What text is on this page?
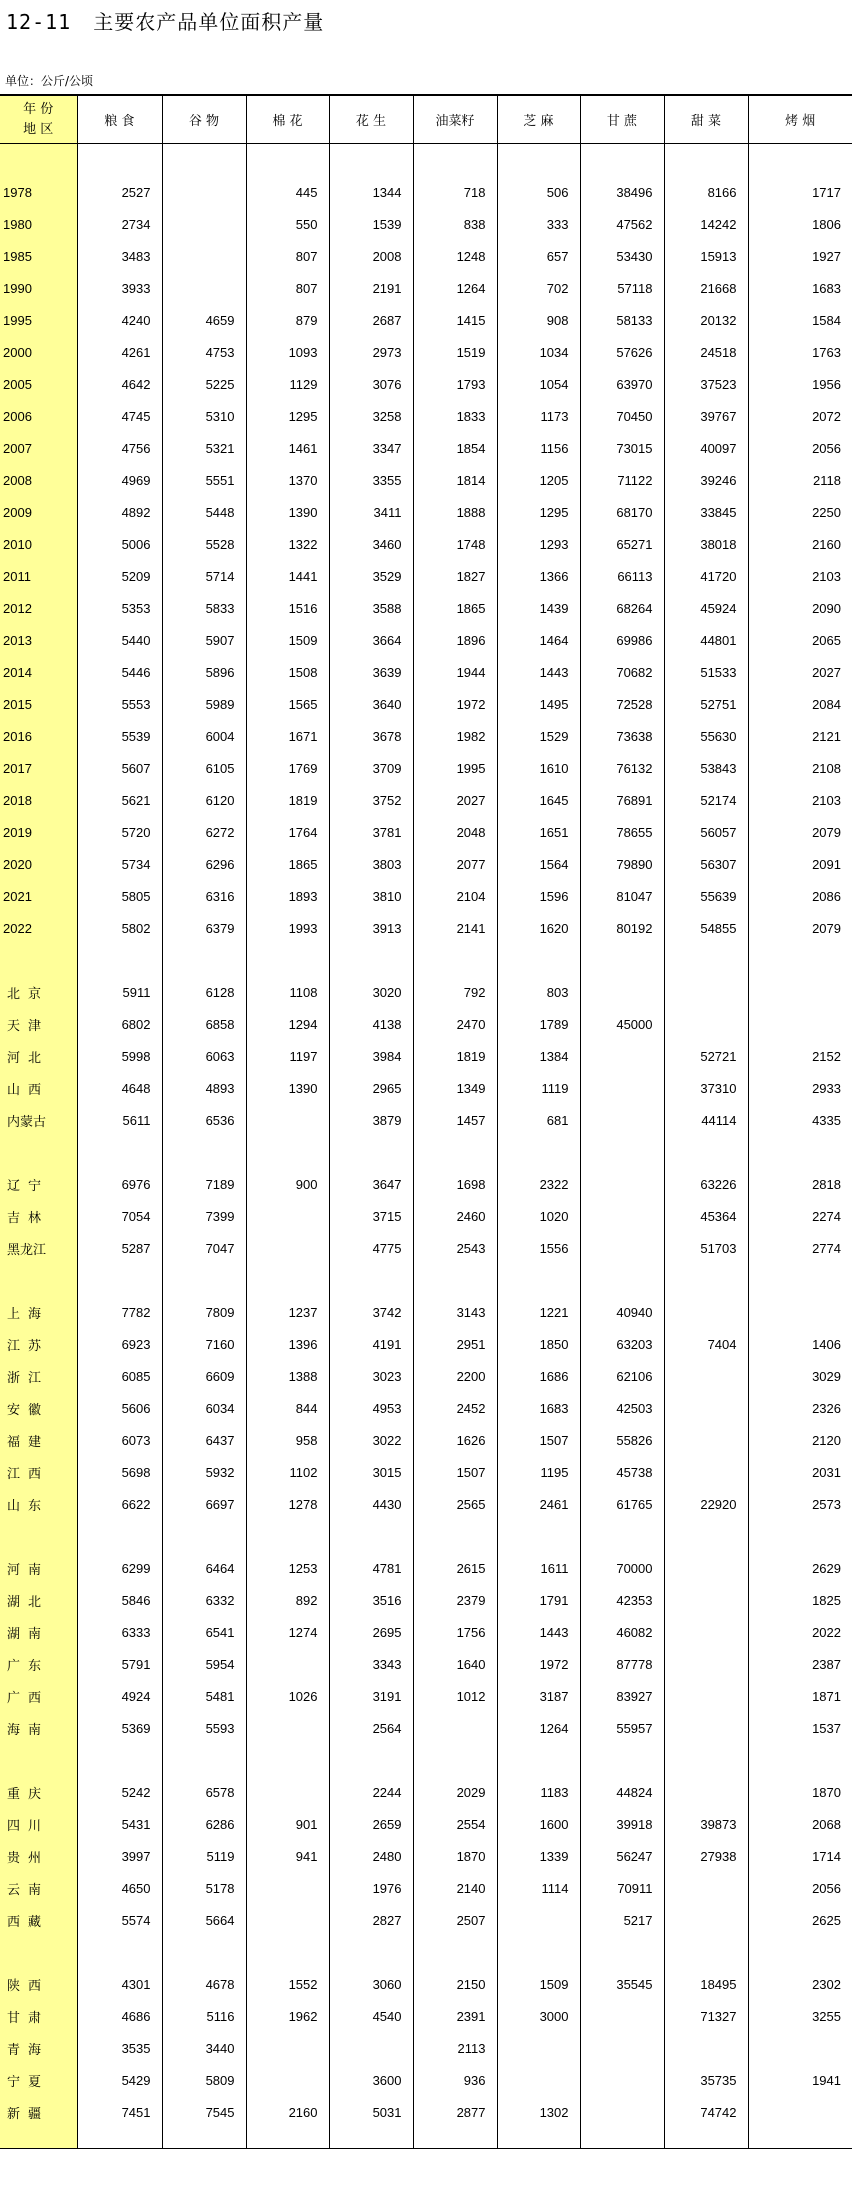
12-11 主要农产品单位面积产量
单位：公斤/公顷
年 份
地 区	粮 食	谷 物	棉 花	花 生	油菜籽	芝 麻	甘 蔗	甜 菜	烤 烟

1978	2527		445	1344	718	506	38496	8166	1717
1980	2734		550	1539	838	333	47562	14242	1806
1985	3483		807	2008	1248	657	53430	15913	1927
1990	3933		807	2191	1264	702	57118	21668	1683
1995	4240	4659	879	2687	1415	908	58133	20132	1584
2000	4261	4753	1093	2973	1519	1034	57626	24518	1763
2005	4642	5225	1129	3076	1793	1054	63970	37523	1956
2006	4745	5310	1295	3258	1833	1173	70450	39767	2072
2007	4756	5321	1461	3347	1854	1156	73015	40097	2056
2008	4969	5551	1370	3355	1814	1205	71122	39246	2118
2009	4892	5448	1390	3411	1888	1295	68170	33845	2250
2010	5006	5528	1322	3460	1748	1293	65271	38018	2160
2011	5209	5714	1441	3529	1827	1366	66113	41720	2103
2012	5353	5833	1516	3588	1865	1439	68264	45924	2090
2013	5440	5907	1509	3664	1896	1464	69986	44801	2065
2014	5446	5896	1508	3639	1944	1443	70682	51533	2027
2015	5553	5989	1565	3640	1972	1495	72528	52751	2084
2016	5539	6004	1671	3678	1982	1529	73638	55630	2121
2017	5607	6105	1769	3709	1995	1610	76132	53843	2108
2018	5621	6120	1819	3752	2027	1645	76891	52174	2103
2019	5720	6272	1764	3781	2048	1651	78655	56057	2079
2020	5734	6296	1865	3803	2077	1564	79890	56307	2091
2021	5805	6316	1893	3810	2104	1596	81047	55639	2086
2022	5802	6379	1993	3913	2141	1620	80192	54855	2079

北京	5911	6128	1108	3020	792	803			
天津	6802	6858	1294	4138	2470	1789	45000		
河北	5998	6063	1197	3984	1819	1384		52721	2152
山西	4648	4893	1390	2965	1349	1119		37310	2933
内蒙古	5611	6536		3879	1457	681		44114	4335

辽宁	6976	7189	900	3647	1698	2322		63226	2818
吉林	7054	7399		3715	2460	1020		45364	2274
黑龙江	5287	7047		4775	2543	1556		51703	2774

上海	7782	7809	1237	3742	3143	1221	40940		
江苏	6923	7160	1396	4191	2951	1850	63203	7404	1406
浙江	6085	6609	1388	3023	2200	1686	62106		3029
安徽	5606	6034	844	4953	2452	1683	42503		2326
福建	6073	6437	958	3022	1626	1507	55826		2120
江西	5698	5932	1102	3015	1507	1195	45738		2031
山东	6622	6697	1278	4430	2565	2461	61765	22920	2573

河南	6299	6464	1253	4781	2615	1611	70000		2629
湖北	5846	6332	892	3516	2379	1791	42353		1825
湖南	6333	6541	1274	2695	1756	1443	46082		2022
广东	5791	5954		3343	1640	1972	87778		2387
广西	4924	5481	1026	3191	1012	3187	83927		1871
海南	5369	5593		2564		1264	55957		1537

重庆	5242	6578		2244	2029	1183	44824		1870
四川	5431	6286	901	2659	2554	1600	39918	39873	2068
贵州	3997	5119	941	2480	1870	1339	56247	27938	1714
云南	4650	5178		1976	2140	1114	70911		2056
西藏	5574	5664		2827	2507		5217		2625

陕西	4301	4678	1552	3060	2150	1509	35545	18495	2302
甘肃	4686	5116	1962	4540	2391	3000		71327	3255
青海	3535	3440			2113				
宁夏	5429	5809		3600	936			35735	1941
新疆	7451	7545	2160	5031	2877	1302		74742	
